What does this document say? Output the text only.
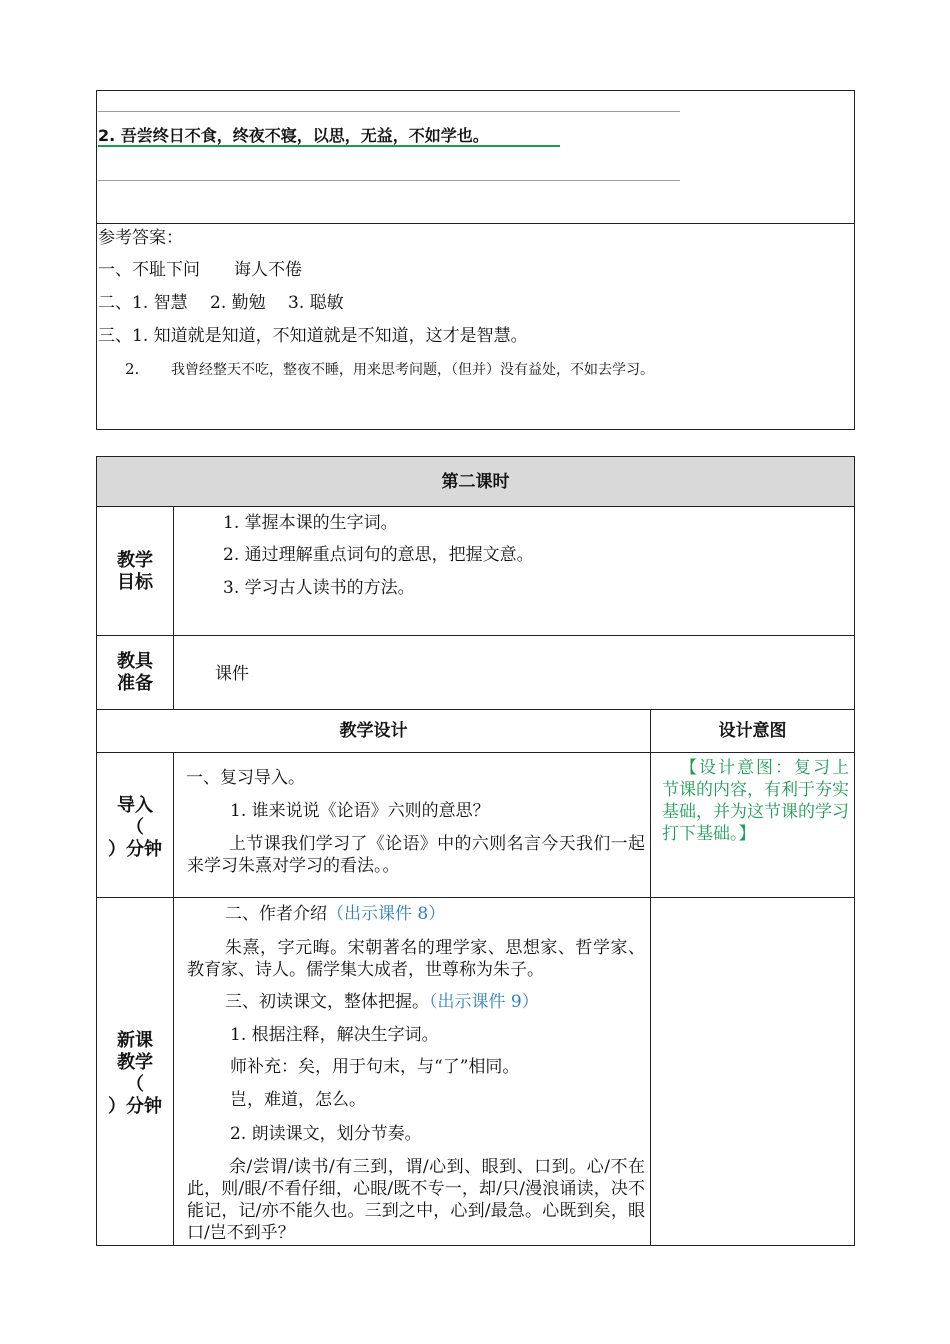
2. 吾尝终日不食，终夜不寝，以思，无益，不如学也。
参考答案：
一、不耻下问　　诲人不倦
二、1. 智慧　 2. 勤勉　 3. 聪敏
三、1. 知道就是知道，不知道就是不知道，这才是智慧。
2. 我曾经整天不吃，整夜不睡，用来思考问题，（但并）没有益处，不如去学习。
第二课时
教学
目标
1. 掌握本课的生字词。
2. 通过理解重点词句的意思，把握文意。
3. 学习古人读书的方法。
教具
准备	课件
教学设计	设计意图
导入
（
）分钟
一、复习导入。
1. 谁来说说《论语》六则的意思？
上节课我们学习了《论语》中的六则名言今天我们一起来学习朱熹对学习的看法。。
【设计意图：复习上节课的内容，有利于夯实基础，并为这节课的学习打下基础。】
新课
教学
（
）分钟
二、作者介绍（出示课件 8）
朱熹，字元晦。宋朝著名的理学家、思想家、哲学家、教育家、诗人。儒学集大成者，世尊称为朱子。
三、初读课文，整体把握。（出示课件 9）
1. 根据注释，解决生字词。
师补充：矣，用于句末，与“了”相同。
岂，难道，怎么。
2. 朗读课文，划分节奏。
余/尝谓/读书/有三到，谓/心到、眼到、口到。心/不在此，则/眼/不看仔细，心眼/既不专一，却/只/漫浪诵读，决不能记，记/亦不能久也。三到之中，心到/最急。心既到矣，眼口/岂不到乎？
